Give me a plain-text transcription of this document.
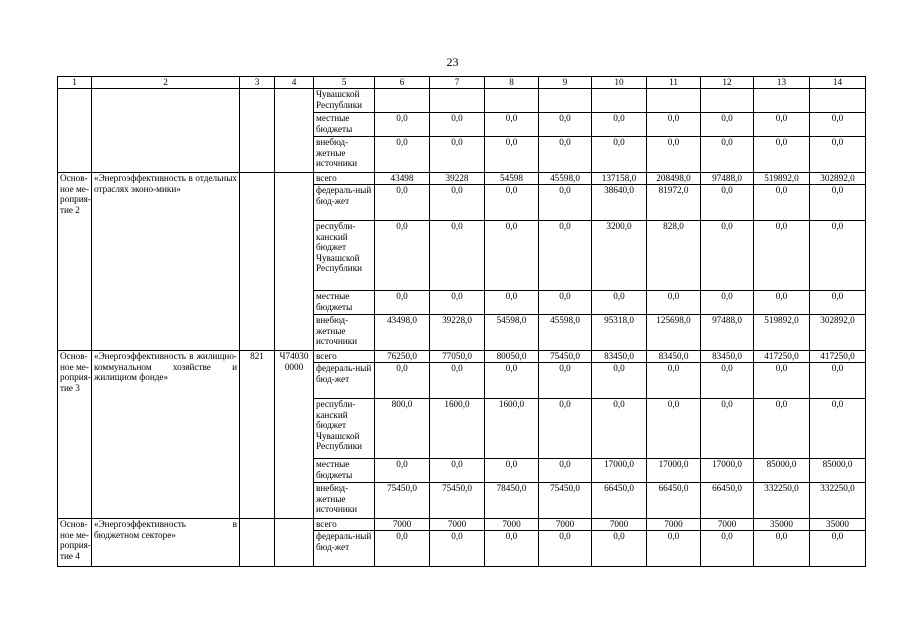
23
1	2	3	4	5	6	7	8	9	10	11	12	13	14
				Чувашской Республики									
				местные бюджеты	0,0	0,0	0,0	0,0	0,0	0,0	0,0	0,0	0,0
				внебюд-жетные источники	0,0	0,0	0,0	0,0	0,0	0,0	0,0	0,0	0,0
Основ-ное ме-роприя-тие 2	«Энергоэффективность в отдельных отраслях эконо-мики»			всего	43498	39228	54598	45598,0	137158,0	208498,0	97488,0	519892,0	302892,0
				федераль-ный бюд-жет	0,0	0,0	0,0	0,0	38640,0	81972,0	0,0	0,0	0,0
				республи-канский бюджет Чувашской Республики	0,0	0,0	0,0	0,0	3200,0	828,0	0,0	0,0	0,0
				местные бюджеты	0,0	0,0	0,0	0,0	0,0	0,0	0,0	0,0	0,0
				внебюд-жетные источники	43498,0	39228,0	54598,0	45598,0	95318,0	125698,0	97488,0	519892,0	302892,0
Основ-ное ме-роприя-тие 3	«Энергоэффективность в жилищно-коммунальном хозяйстве и жилищном фонде»	821	Ч74030 0000	всего	76250,0	77050,0	80050,0	75450,0	83450,0	83450,0	83450,0	417250,0	417250,0
				федераль-ный бюд-жет	0,0	0,0	0,0	0,0	0,0	0,0	0,0	0,0	0,0
				республи-канский бюджет Чувашской Республики	800,0	1600,0	1600,0	0,0	0,0	0,0	0,0	0,0	0,0
				местные бюджеты	0,0	0,0	0,0	0,0	17000,0	17000,0	17000,0	85000,0	85000,0
				внебюд-жетные источники	75450,0	75450,0	78450,0	75450,0	66450,0	66450,0	66450,0	332250,0	332250,0
Основ-ное ме-роприя-тие 4	«Энергоэффективность в бюджетном секторе»			всего	7000	7000	7000	7000	7000	7000	7000	35000	35000
				федераль-ный бюд-жет	0,0	0,0	0,0	0,0	0,0	0,0	0,0	0,0	0,0
